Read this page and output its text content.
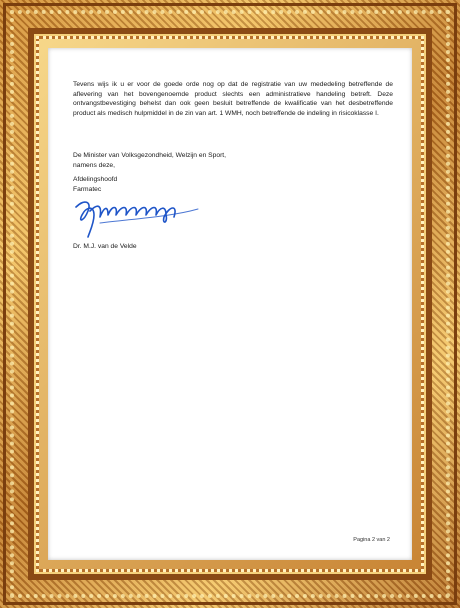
Tevens wijs ik u er voor de goede orde nog op dat de registratie van uw mededeling betreffende de aflevering van het bovengenoemde product slechts een administratieve handeling betreft. Deze ontvangstbevestiging behelst dan ook geen besluit betreffende de kwalificatie van het desbetreffende product als medisch hulpmiddel in de zin van art. 1 WMH, noch betreffende de indeling in risicoklasse I.

De Minister van Volksgezondheid, Welzijn en Sport,

namens deze,

Afdelingshoofd

Farmatec

Dr. M.J. van de Velde

Pagina 2 van 2
